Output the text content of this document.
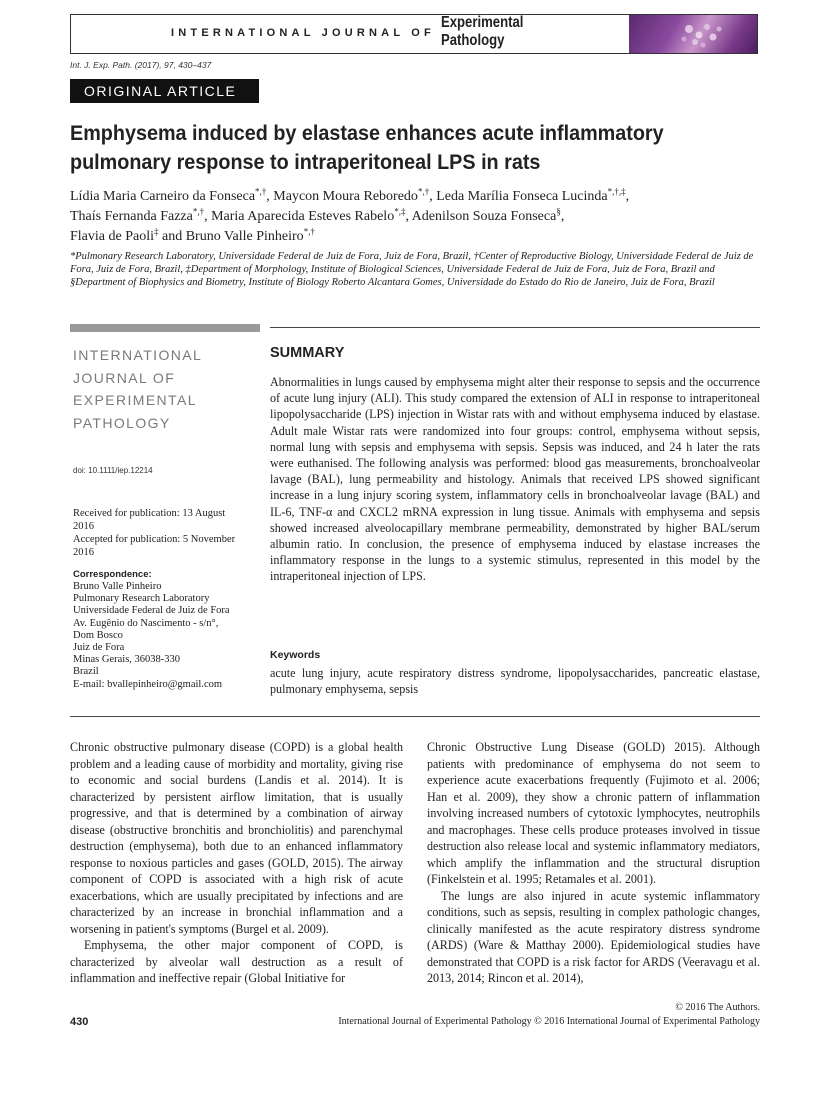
INTERNATIONAL JOURNAL OF
Experimental
Pathology
Int. J. Exp. Path. (2017), 97, 430–437
ORIGINAL ARTICLE
Emphysema induced by elastase enhances acute inflammatory pulmonary response to intraperitoneal LPS in rats
Lídia Maria Carneiro da Fonseca*,†, Maycon Moura Reboredo*,†, Leda Marília Fonseca Lucinda*,†,‡,
Thaís Fernanda Fazza*,†, Maria Aparecida Esteves Rabelo*,‡, Adenilson Souza Fonseca§,
Flavia de Paoli‡ and Bruno Valle Pinheiro*,†
*Pulmonary Research Laboratory, Universidade Federal de Juiz de Fora, Juiz de Fora, Brazil, †Center of Reproductive Biology, Universidade Federal de Juiz de Fora, Juiz de Fora, Brazil, ‡Department of Morphology, Institute of Biological Sciences, Universidade Federal de Juiz de Fora, Juiz de Fora, Brazil and §Department of Biophysics and Biometry, Institute of Biology Roberto Alcantara Gomes, Universidade do Estado do Rio de Janeiro, Juiz de Fora, Brazil
INTERNATIONAL
JOURNAL OF
EXPERIMENTAL
PATHOLOGY
doi: 10.1111/iep.12214
Received for publication: 13 August
2016
Accepted for publication: 5 November
2016
Correspondence:
Bruno Valle Pinheiro
Pulmonary Research Laboratory
Universidade Federal de Juiz de Fora
Av. Eugênio do Nascimento - s/n°,
Dom Bosco
Juiz de Fora
Minas Gerais, 36038-330
Brazil
E-mail: bvallepinheiro@gmail.com
SUMMARY
Abnormalities in lungs caused by emphysema might alter their response to sepsis and the occurrence of acute lung injury (ALI). This study compared the extension of ALI in response to intraperitoneal lipopolysaccharide (LPS) injection in Wistar rats with and without emphysema induced by elastase. Adult male Wistar rats were randomized into four groups: control, emphysema without sepsis, normal lung with sepsis and emphysema with sepsis. Sepsis was induced, and 24 h later the rats were euthanised. The following analysis was performed: blood gas measurements, bronchoalveolar lavage (BAL), lung permeability and histology. Animals that received LPS showed significant increase in a lung injury scoring system, inflammatory cells in bronchoalveolar lavage (BAL) and IL-6, TNF-α and CXCL2 mRNA expression in lung tissue. Animals with emphysema and sepsis showed increased alveolocapillary membrane permeability, demonstrated by higher BAL/serum albumin ratio. In conclusion, the presence of emphysema induced by elastase increases the inflammatory response in the lungs to a systemic stimulus, represented in this model by the intraperitoneal injection of LPS.
Keywords
acute lung injury, acute respiratory distress syndrome, lipopolysaccharides, pancreatic elastase, pulmonary emphysema, sepsis

Chronic obstructive pulmonary disease (COPD) is a global health problem and a leading cause of morbidity and mortality, giving rise to economic and social burdens (Landis et al. 2014). It is characterized by persistent airflow limitation, that is usually progressive, and that is determined by a combination of airway disease (obstructive bronchitis and bronchiolitis) and parenchymal destruction (emphysema), both due to an enhanced inflammatory response to noxious particles and gases (GOLD, 2015). The airway component of COPD is associated with a high risk of acute exacerbations, which are usually precipitated by infections and are characterized by an increase in bronchial inflammation and a worsening in patient's symptoms (Burgel et al. 2009).

Emphysema, the other major component of COPD, is characterized by alveolar wall destruction as a result of inflammation and ineffective repair (Global Initiative for

Chronic Obstructive Lung Disease (GOLD) 2015). Although patients with predominance of emphysema do not seem to experience acute exacerbations frequently (Fujimoto et al. 2006; Han et al. 2009), they show a chronic pattern of inflammation involving increased numbers of cytotoxic lymphocytes, neutrophils and macrophages. These cells produce proteases involved in tissue destruction also release local and systemic inflammatory mediators, which amplify the inflammation and the structural disruption (Finkelstein et al. 1995; Retamales et al. 2001).

The lungs are also injured in acute systemic inflammatory conditions, such as sepsis, resulting in complex pathologic changes, clinically manifested as the acute respiratory distress syndrome (ARDS) (Ware & Matthay 2000). Epidemiological studies have demonstrated that COPD is a risk factor for ARDS (Veeravagu et al. 2013, 2014; Rincon et al. 2014),

© 2016 The Authors.
430	International Journal of Experimental Pathology © 2016 International Journal of Experimental Pathology
